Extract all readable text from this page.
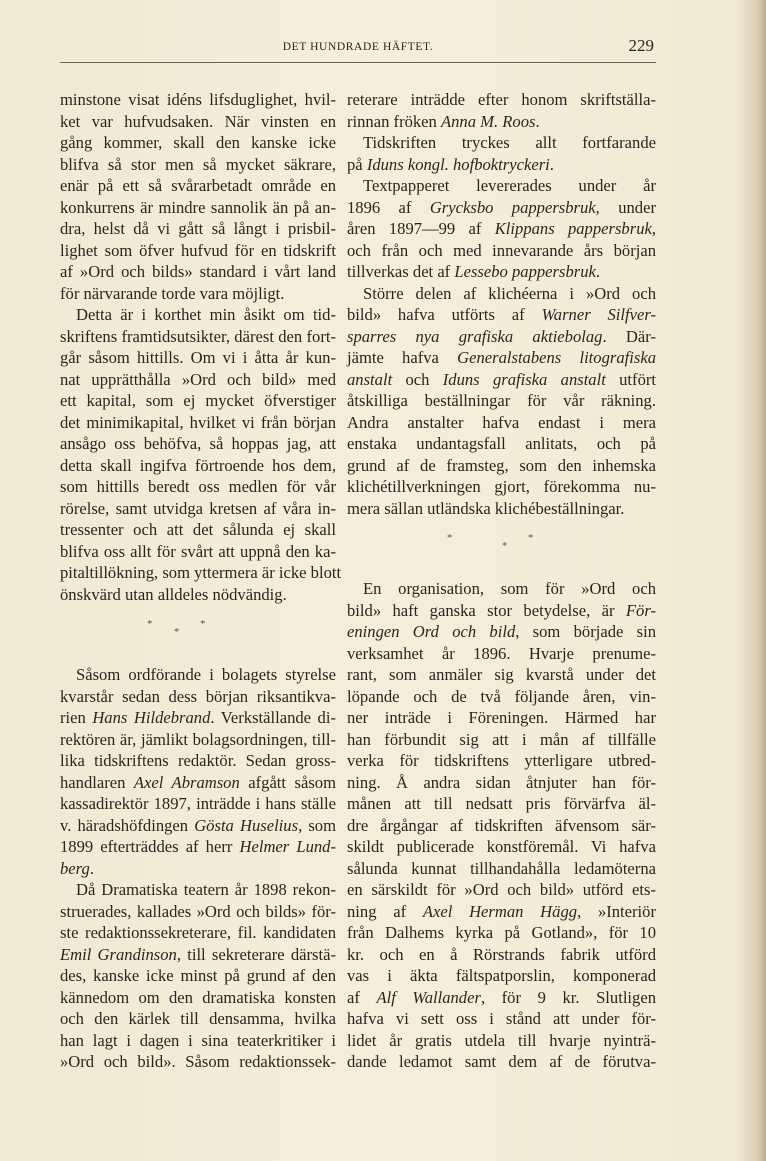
DET HUNDRADE HÄFTET.	229
minstone visat idéns lifsduglighet, hvil-
ket var hufvudsaken. När vinsten en
gång kommer, skall den kanske icke
blifva så stor men så mycket säkrare,
enär på ett så svårarbetadt område en
konkurrens är mindre sannolik än på an-
dra, helst då vi gått så långt i prisbil-
lighet som öfver hufvud för en tidskrift
af »Ord och bilds» standard i vårt land
för närvarande torde vara möjligt.
Detta är i korthet min åsikt om tid-
skriftens framtidsutsikter, därest den fort-
går såsom hittills. Om vi i åtta år kun-
nat upprätthålla »Ord och bild» med
ett kapital, som ej mycket öfverstiger
det minimikapital, hvilket vi från början
ansågo oss behöfva, så hoppas jag, att
detta skall ingifva förtroende hos dem,
som hittills beredt oss medlen för vår
rörelse, samt utvidga kretsen af våra in-
tressenter och att det sålunda ej skall
blifva oss allt för svårt att uppnå den ka-
pitaltillökning, som yttermera är icke blott
önskvärd utan alldeles nödvändig.
*
*
*
Såsom ordförande i bolagets styrelse
kvarstår sedan dess början riksantikva-
rien Hans Hildebrand. Verkställande di-
rektören är, jämlikt bolagsordningen, till-
lika tidskriftens redaktör. Sedan gross-
handlaren Axel Abramson afgått såsom
kassadirektör 1897, inträdde i hans ställe
v. häradshöfdingen Gösta Huselius, som
1899 efterträddes af herr Helmer Lund-
berg.
Då Dramatiska teatern år 1898 rekon-
struerades, kallades »Ord och bilds» för-
ste redaktionssekreterare, fil. kandidaten
Emil Grandinson, till sekreterare därstä-
des, kanske icke minst på grund af den
kännedom om den dramatiska konsten
och den kärlek till densamma, hvilka
han lagt i dagen i sina teaterkritiker i
»Ord och bild». Såsom redaktionssek-
reterare inträdde efter honom skriftställa-
rinnan fröken Anna M. Roos.
Tidskriften tryckes allt fortfarande
på Iduns kongl. hofboktryckeri.
Textpapperet levererades under år
1896 af Grycksbo pappersbruk, under
åren 1897—99 af Klippans pappersbruk,
och från och med innevarande års början
tillverkas det af Lessebo pappersbruk.
Större delen af klichéerna i »Ord och
bild» hafva utförts af Warner Silfver-
sparres nya grafiska aktiebolag. Där-
jämte hafva Generalstabens litografiska
anstalt och Iduns grafiska anstalt utfört
åtskilliga beställningar för vår räkning.
Andra anstalter hafva endast i mera
enstaka undantagsfall anlitats, och på
grund af de framsteg, som den inhemska
klichétillverkningen gjort, förekomma nu-
mera sällan utländska klichébeställningar.
*
*
*
En organisation, som för »Ord och
bild» haft ganska stor betydelse, är För-
eningen Ord och bild, som började sin
verksamhet år 1896. Hvarje prenume-
rant, som anmäler sig kvarstå under det
löpande och de två följande åren, vin-
ner inträde i Föreningen. Härmed har
han förbundit sig att i mån af tillfälle
verka för tidskriftens ytterligare utbred-
ning. Å andra sidan åtnjuter han för-
månen att till nedsatt pris förvärfva äl-
dre årgångar af tidskriften äfvensom sär-
skildt publicerade konstföremål. Vi hafva
sålunda kunnat tillhandahålla ledamöterna
en särskildt för »Ord och bild» utförd ets-
ning af Axel Herman Hägg, »Interiör
från Dalhems kyrka på Gotland», för 10
kr. och en å Rörstrands fabrik utförd
vas i äkta fältspatporslin, komponerad
af Alf Wallander, för 9 kr. Slutligen
hafva vi sett oss i stånd att under för-
lidet år gratis utdela till hvarje nyinträ-
dande ledamot samt dem af de förutva-
